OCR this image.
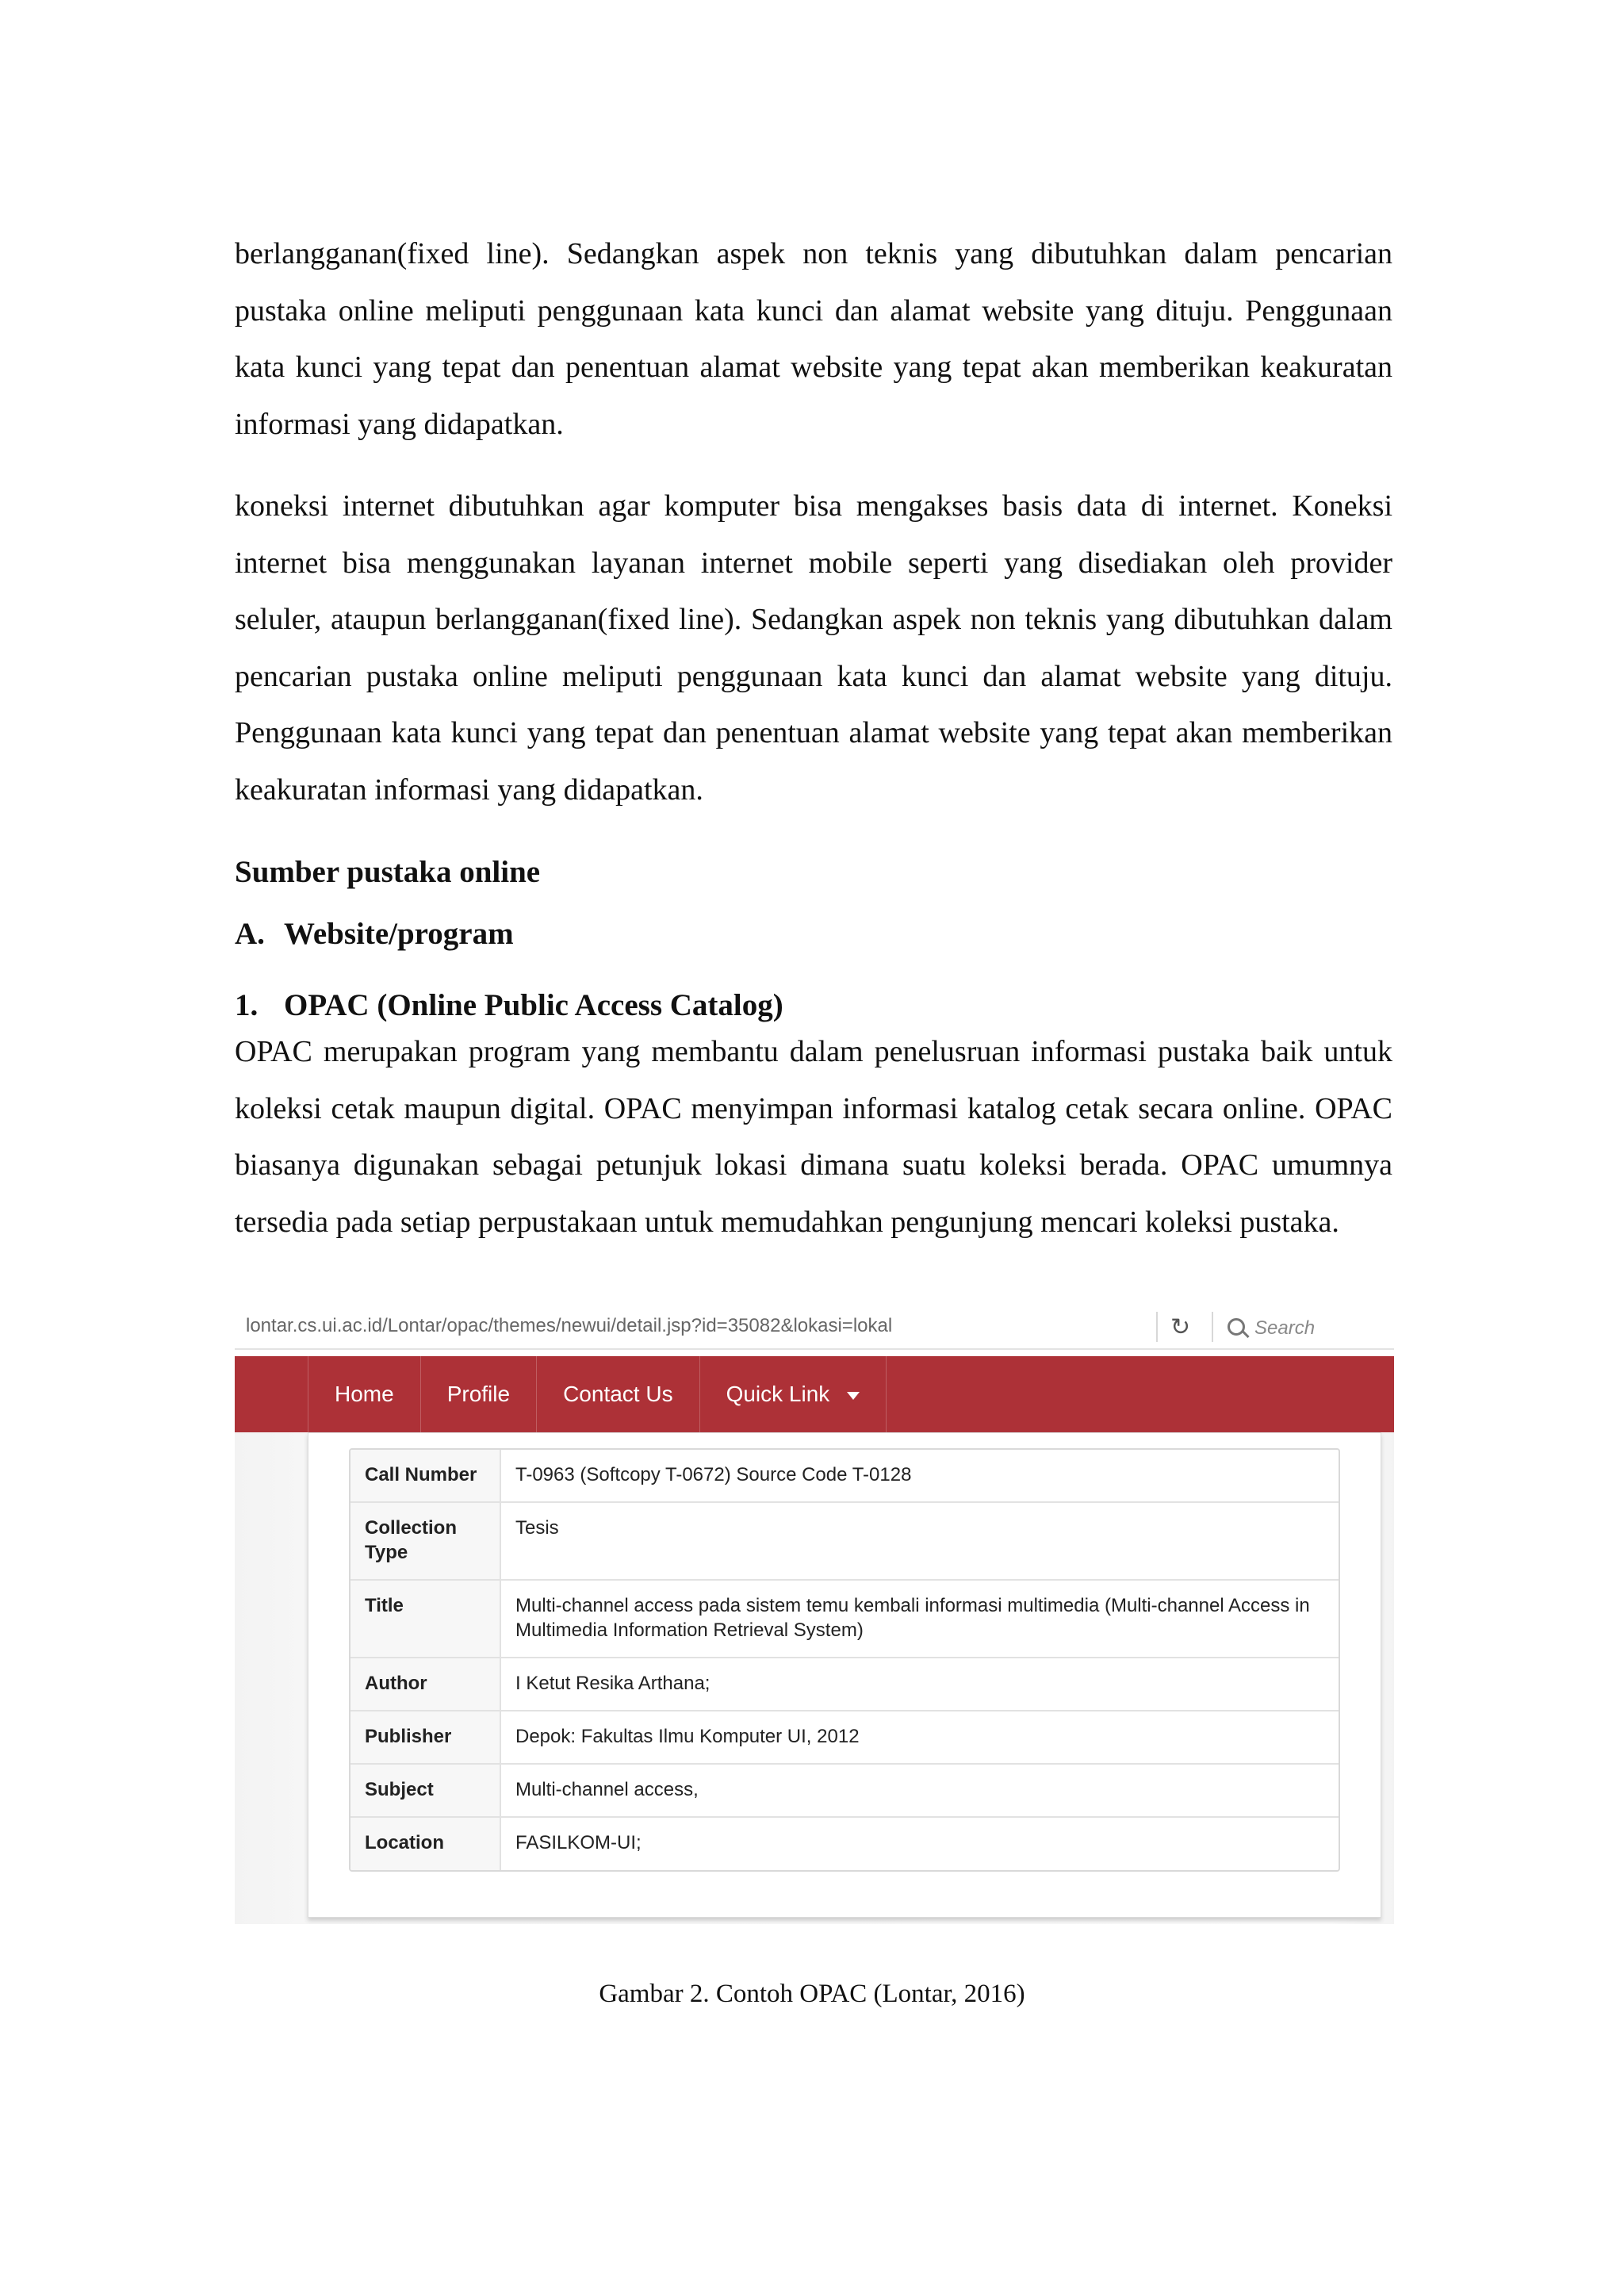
berlangganan(fixed line). Sedangkan aspek non teknis yang dibutuhkan dalam pencarian pustaka online meliputi penggunaan kata kunci dan alamat website yang dituju. Penggunaan kata kunci yang tepat dan penentuan alamat website yang tepat akan memberikan keakuratan informasi yang didapatkan.

koneksi internet dibutuhkan agar komputer bisa mengakses basis data di internet. Koneksi internet bisa menggunakan layanan internet mobile seperti yang disediakan oleh provider seluler, ataupun berlangganan(fixed line). Sedangkan aspek non teknis yang dibutuhkan dalam pencarian pustaka online meliputi penggunaan kata kunci dan alamat website yang dituju. Penggunaan kata kunci yang tepat dan penentuan alamat website yang tepat akan memberikan keakuratan informasi yang didapatkan.

Sumber pustaka online
A. Website/program
1. OPAC (Online Public Access Catalog)

OPAC merupakan program yang membantu dalam penelusruan informasi pustaka baik untuk koleksi cetak maupun digital. OPAC menyimpan informasi katalog cetak secara online. OPAC biasanya digunakan sebagai petunjuk lokasi dimana suatu koleksi berada. OPAC umumnya tersedia pada setiap perpustakaan untuk memudahkan pengunjung mencari koleksi pustaka.

lontar.cs.ui.ac.id/Lontar/opac/themes/newui/detail.jsp?id=35082&lokasi=lokal	↻
Search
Home	Profile	Contact Us	Quick Link
Call Number	T-0963 (Softcopy T-0672) Source Code T-0128
Collection Type	Tesis
Title	Multi-channel access pada sistem temu kembali informasi multimedia (Multi-channel Access in Multimedia Information Retrieval System)
Author	I Ketut Resika Arthana;
Publisher	Depok: Fakultas Ilmu Komputer UI, 2012
Subject	Multi-channel access,
Location	FASILKOM-UI;

Gambar 2. Contoh OPAC (Lontar, 2016)
